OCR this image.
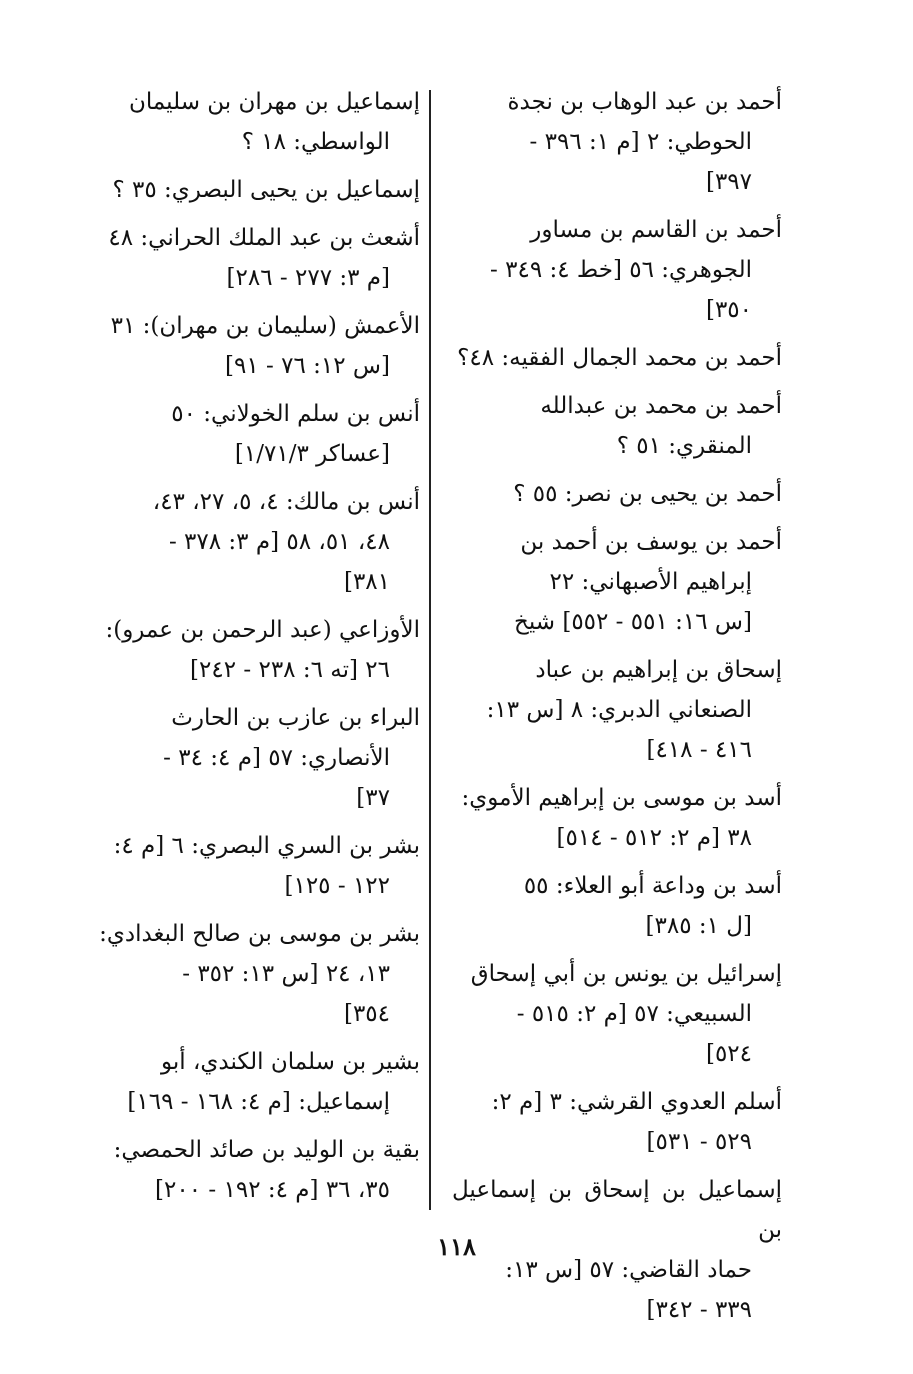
أحمد بن عبد الوهاب بن نجدة
الحوطي: ٢ [م ١: ٣٩٦ -
٣٩٧]
أحمد بن القاسم بن مساور
الجوهري: ٥٦ [خط ٤: ٣٤٩ -
٣٥٠]
أحمد بن محمد الجمال الفقيه: ٤٨؟
أحمد بن محمد بن عبدالله
المنقري: ٥١ ؟
أحمد بن يحيى بن نصر: ٥٥ ؟
أحمد بن يوسف بن أحمد بن
إبراهيم الأصبهاني: ٢٢
[س ١٦: ٥٥١ - ٥٥٢] شيخ
إسحاق بن إبراهيم بن عباد
الصنعاني الدبري: ٨ [س ١٣:
٤١٦ - ٤١٨]
أسد بن موسى بن إبراهيم الأموي:
٣٨ [م ٢: ٥١٢ - ٥١٤]
أسد بن وداعة أبو العلاء: ٥٥
[ل ١: ٣٨٥]
إسرائيل بن يونس بن أبي إسحاق
السبيعي: ٥٧ [م ٢: ٥١٥ -
٥٢٤]
أسلم العدوي القرشي: ٣ [م ٢:
٥٢٩ - ٥٣١]
إسماعيل بن إسحاق بن إسماعيل بن
حماد القاضي: ٥٧ [س ١٣:
٣٣٩ - ٣٤٢]
إسماعيل بن مهران بن سليمان
الواسطي: ١٨ ؟
إسماعيل بن يحيى البصري: ٣٥ ؟
أشعث بن عبد الملك الحراني: ٤٨
[م ٣: ٢٧٧ - ٢٨٦]
الأعمش (سليمان بن مهران): ٣١
[س ١٢: ٧٦ - ٩١]
أنس بن سلم الخولاني: ٥٠
[عساكر ١/٧١/٣]
أنس بن مالك: ٤، ٥، ٢٧، ٤٣،
٤٨، ٥١، ٥٨ [م ٣: ٣٧٨ -
٣٨١]
الأوزاعي (عبد الرحمن بن عمرو):
٢٦ [ته ٦: ٢٣٨ - ٢٤٢]
البراء بن عازب بن الحارث
الأنصاري: ٥٧ [م ٤: ٣٤ -
٣٧]
بشر بن السري البصري: ٦ [م ٤:
١٢٢ - ١٢٥]
بشر بن موسى بن صالح البغدادي:
١٣، ٢٤ [س ١٣: ٣٥٢ -
٣٥٤]
بشير بن سلمان الكندي، أبو
إسماعيل: [م ٤: ١٦٨ - ١٦٩]
بقية بن الوليد بن صائد الحمصي:
٣٥، ٣٦ [م ٤: ١٩٢ - ٢٠٠]
١١٨
